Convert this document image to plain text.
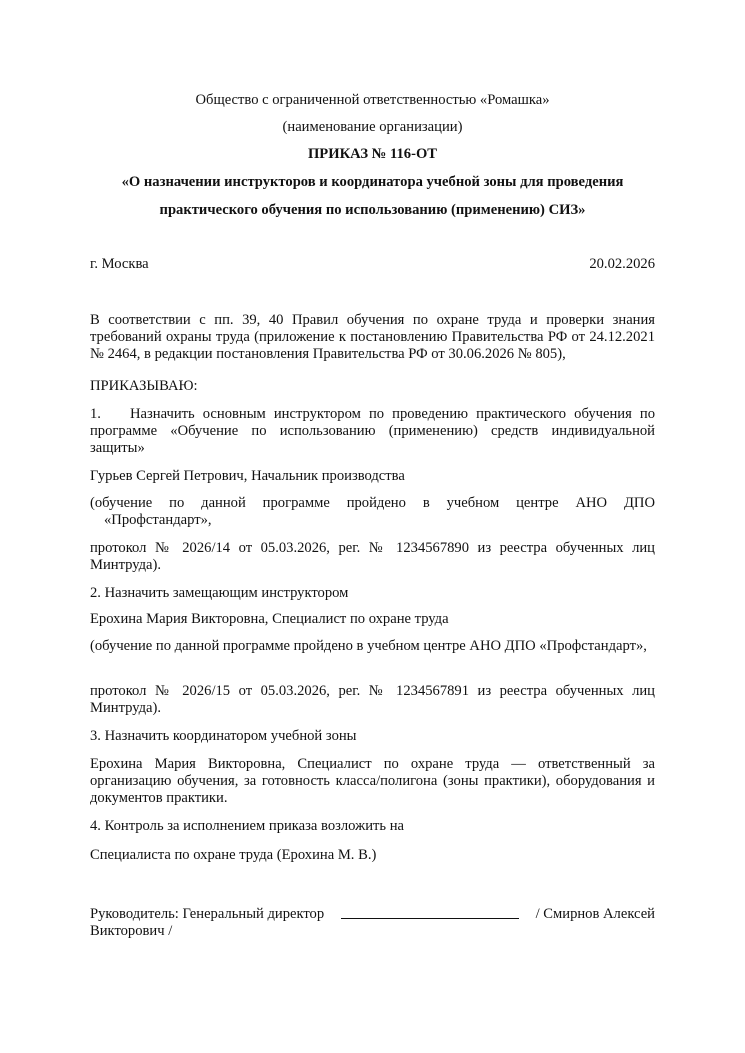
Общество с ограниченной ответственностью «Ромашка»

(наименование организации)

ПРИКАЗ № 116-ОТ

«О назначении инструкторов и координатора учебной зоны для проведения

практического обучения по использованию (применению) СИЗ»

г. Москва	20.02.2026

В соответствии с пп. 39, 40 Правил обучения по охране труда и проверки знания требований охраны труда (приложение к постановлению Правительства РФ от 24.12.2021 № 2464, в редакции постановления Правительства РФ от 30.06.2026 № 805),

ПРИКАЗЫВАЮ:

1. Назначить основным инструктором по проведению практического обучения по программе «Обучение по использованию (применению) средств индивидуальной защиты»

Гурьев Сергей Петрович, Начальник производства

(обучение по данной программе пройдено в учебном центре АНО ДПО
«Профстандарт»,

протокол № 2026/14 от 05.03.2026, рег. № 1234567890 из реестра обученных лиц Минтруда).

2. Назначить замещающим инструктором

Ерохина Мария Викторовна, Специалист по охране труда

(обучение по данной программе пройдено в учебном центре АНО ДПО «Профстандарт»,

протокол № 2026/15 от 05.03.2026, рег. № 1234567891 из реестра обученных лиц Минтруда).

3. Назначить координатором учебной зоны

Ерохина Мария Викторовна, Специалист по охране труда — ответственный за организацию обучения, за готовность класса/полигона (зоны практики), оборудования и документов практики.

4. Контроль за исполнением приказа возложить на

Специалиста по охране труда (Ерохина М. В.)

Руководитель: Генеральный директор	/ Смирнов Алексей
Викторович /
